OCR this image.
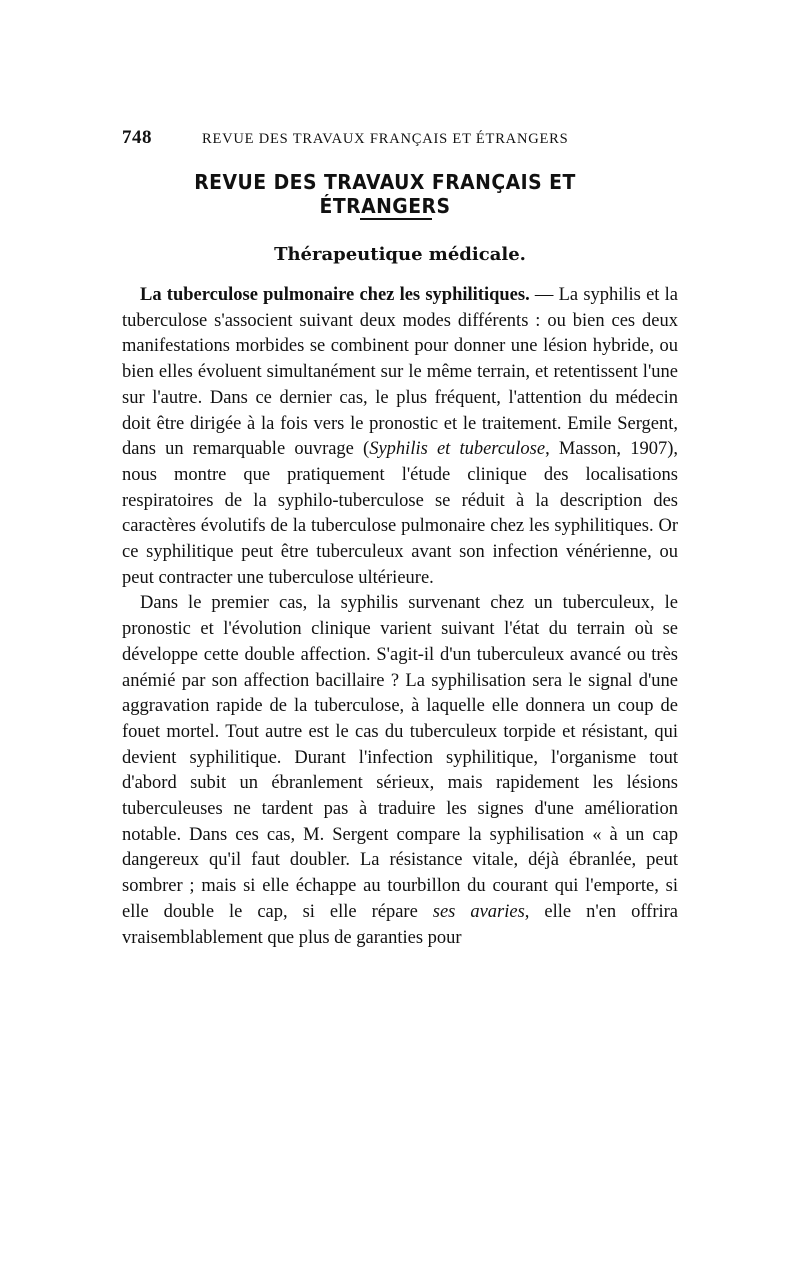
748	REVUE DES TRAVAUX FRANÇAIS ET ÉTRANGERS
REVUE DES TRAVAUX FRANÇAIS ET ÉTRANGERS
Thérapeutique médicale.

La tuberculose pulmonaire chez les syphilitiques. — La syphilis et la tuberculose s'associent suivant deux modes différents : ou bien ces deux manifestations morbides se combinent pour donner une lésion hybride, ou bien elles évoluent simultanément sur le même terrain, et retentissent l'une sur l'autre. Dans ce dernier cas, le plus fréquent, l'attention du médecin doit être dirigée à la fois vers le pronostic et le traitement. Emile Sergent, dans un remarquable ouvrage (Syphilis et tuberculose, Masson, 1907), nous montre que pratiquement l'étude clinique des localisations respiratoires de la syphilo-tuberculose se réduit à la description des caractères évolutifs de la tuberculose pulmonaire chez les syphilitiques. Or ce syphilitique peut être tuberculeux avant son infection vénérienne, ou peut contracter une tuberculose ultérieure.

Dans le premier cas, la syphilis survenant chez un tuberculeux, le pronostic et l'évolution clinique varient suivant l'état du terrain où se développe cette double affection. S'agit-il d'un tuberculeux avancé ou très anémié par son affection bacillaire ? La syphilisation sera le signal d'une aggravation rapide de la tuberculose, à laquelle elle donnera un coup de fouet mortel. Tout autre est le cas du tuberculeux torpide et résistant, qui devient syphilitique. Durant l'infection syphilitique, l'organisme tout d'abord subit un ébranlement sérieux, mais rapidement les lésions tuberculeuses ne tardent pas à traduire les signes d'une amélioration notable. Dans ces cas, M. Sergent compare la syphilisation « à un cap dangereux qu'il faut doubler. La résistance vitale, déjà ébranlée, peut sombrer ; mais si elle échappe au tourbillon du courant qui l'emporte, si elle double le cap, si elle répare ses avaries, elle n'en offrira vraisemblablement que plus de garanties pour
